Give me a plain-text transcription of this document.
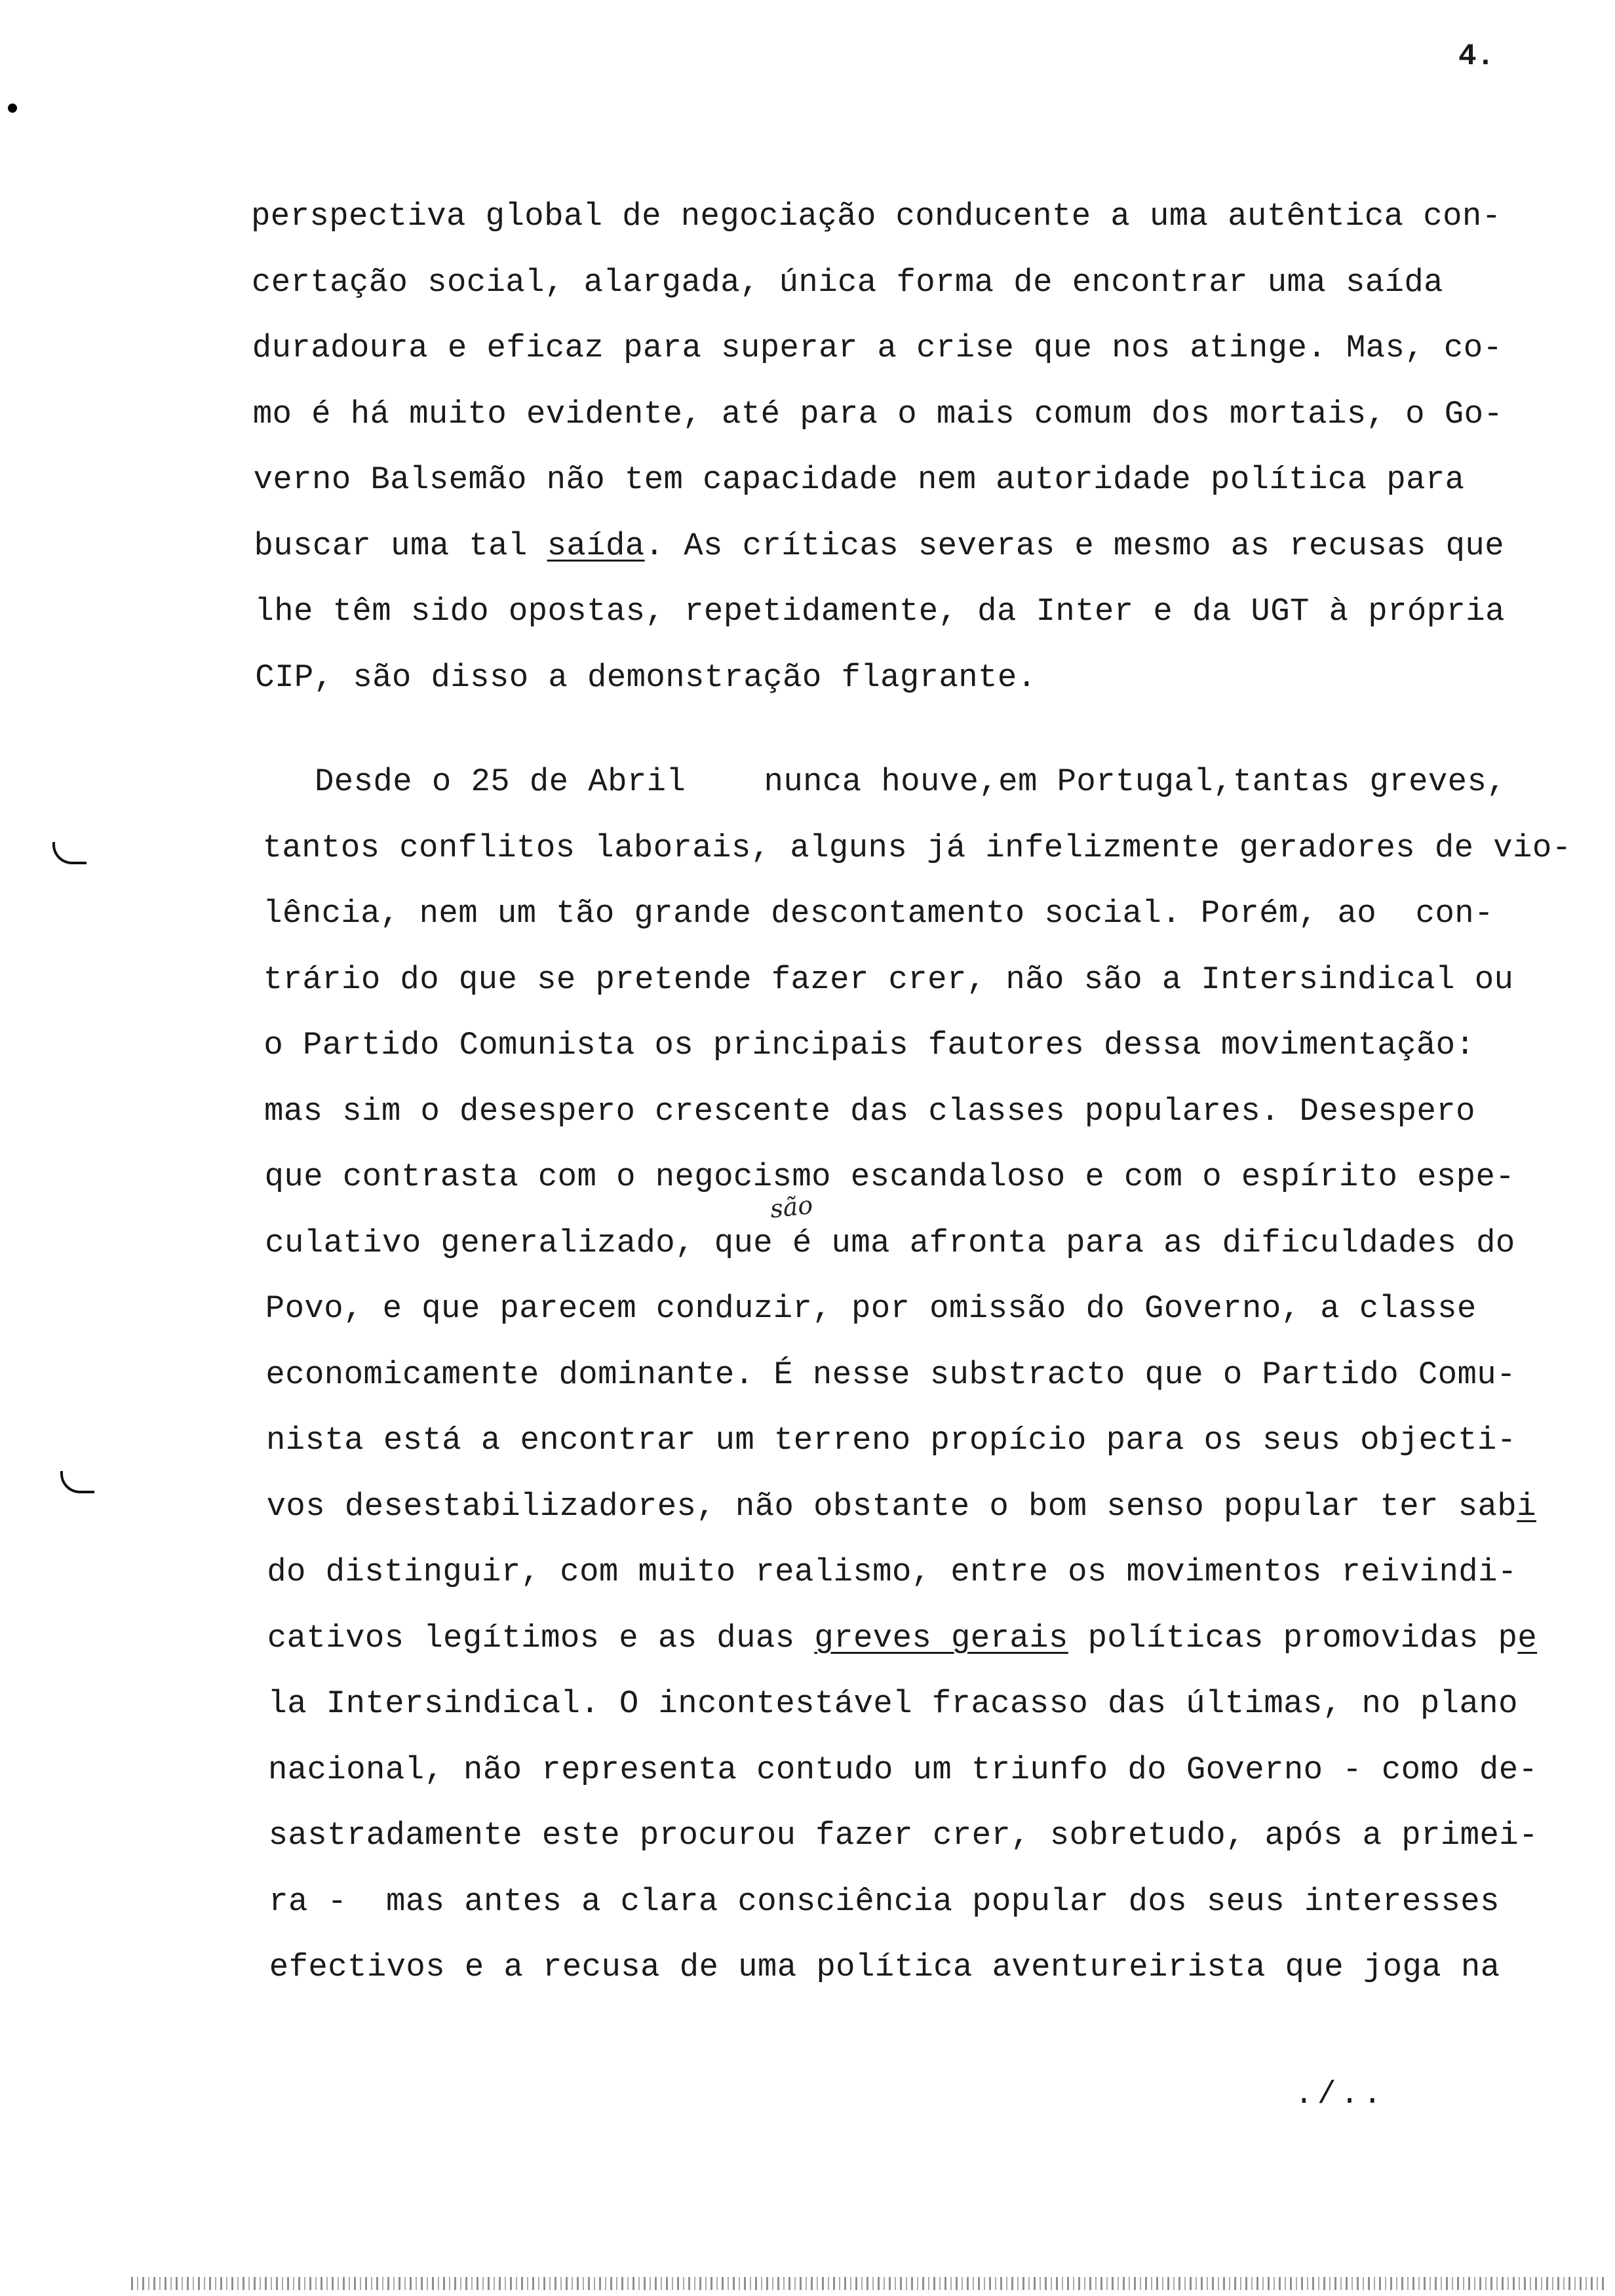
4.
perspectiva global de negociação conducente a uma autêntica con-
certação social, alargada, única forma de encontrar uma saída
duradoura e eficaz para superar a crise que nos atinge. Mas, co-
mo é há muito evidente, até para o mais comum dos mortais, o Go-
verno Balsemão não tem capacidade nem autoridade política para
buscar uma tal saída. As críticas severas e mesmo as recusas que
lhe têm sido opostas, repetidamente, da Inter e da UGT à própria
CIP, são disso a demonstração flagrante.
Desde o 25 de Abril    nunca houve,em Portugal,tantas greves,
tantos conflitos laborais, alguns já infelizmente geradores de vio-
lência, nem um tão grande descontamento social. Porém, ao  con-
trário do que se pretende fazer crer, não são a Intersindical ou
o Partido Comunista os principais fautores dessa movimentação:
mas sim o desespero crescente das classes populares. Desespero
que contrasta com o negocismo escandaloso e com o espírito espe-
culativo generalizado, que é uma afronta para as dificuldades do
Povo, e que parecem conduzir, por omissão do Governo, a classe
economicamente dominante. É nesse substracto que o Partido Comu-
nista está a encontrar um terreno propício para os seus objecti-
vos desestabilizadores, não obstante o bom senso popular ter sabi
do distinguir, com muito realismo, entre os movimentos reivindi-
cativos legítimos e as duas greves gerais políticas promovidas pe
la Intersindical. O incontestável fracasso das últimas, no plano
nacional, não representa contudo um triunfo do Governo - como de-
sastradamente este procurou fazer crer, sobretudo, após a primei-
ra -  mas antes a clara consciência popular dos seus interesses
efectivos e a recusa de uma política aventureirista que joga na
são
./..
